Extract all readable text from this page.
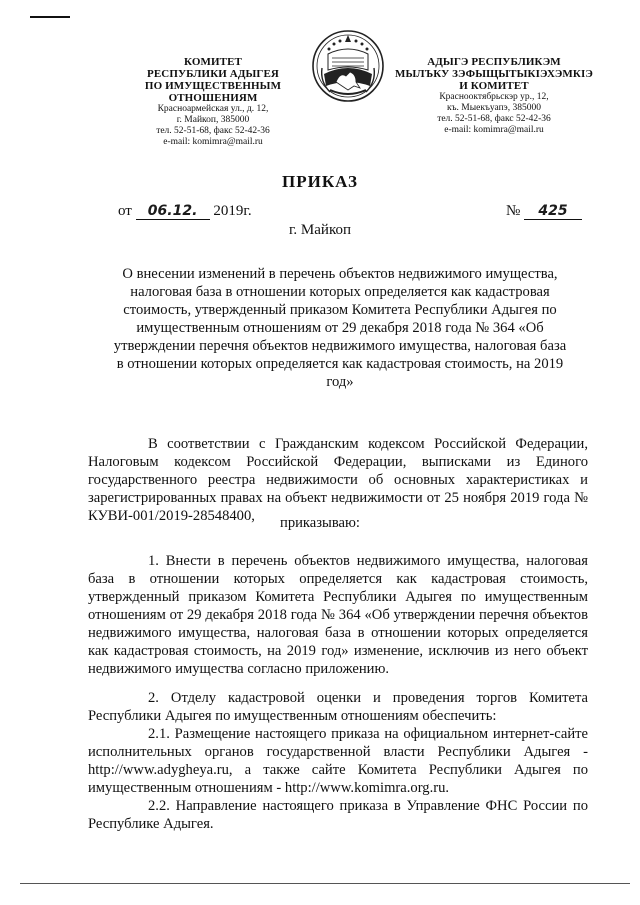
КОМИТЕТ
РЕСПУБЛИКИ АДЫГЕЯ
ПО ИМУЩЕСТВЕННЫМ ОТНОШЕНИЯМ
Красноармейская ул., д. 12,
г. Майкоп, 385000
тел. 52-51-68, факс 52-42-36
e-mail: komimra@mail.ru
АДЫГЭ РЕСПУБЛИКЭМ
МЫЛЪКУ ЗЭФЫЩЫТЫКIЭХЭМКIЭ
И КОМИТЕТ
Краснооктябрьскэр ур., 12,
къ. Мыекъуапэ, 385000
тел. 52-51-68, факс 52-42-36
e-mail: komimra@mail.ru
ПРИКАЗ
от 06.12. 2019г.	№ 425
г. Майкоп
О внесении изменений в перечень объектов недвижимого имущества, налоговая база в отношении которых определяется как кадастровая стоимость, утвержденный приказом Комитета Республики Адыгея по имущественным отношениям от 29 декабря 2018 года № 364 «Об утверждении перечня объектов недвижимого имущества, налоговая база в отношении которых определяется как кадастровая стоимость, на 2019 год»

В соответствии с Гражданским кодексом Российской Федерации, Налоговым кодексом Российской Федерации, выписками из Единого государственного реестра недвижимости об основных характеристиках и зарегистрированных правах на объект недвижимости от 25 ноября 2019 года № КУВИ-001/2019-28548400,	приказываю:

1. Внести в перечень объектов недвижимого имущества, налоговая база в отношении которых определяется как кадастровая стоимость, утвержденный приказом Комитета Республики Адыгея по имущественным отношениям от 29 декабря 2018 года № 364 «Об утверждении перечня объектов недвижимого имущества, налоговая база в отношении которых определяется как кадастровая стоимость, на 2019 год» изменение, исключив из него объект недвижимого имущества согласно приложению.

2. Отделу кадастровой оценки и проведения торгов Комитета Республики Адыгея по имущественным отношениям обеспечить:

2.1. Размещение настоящего приказа на официальном интернет-сайте исполнительных органов государственной власти Республики Адыгея - http://www.adygheya.ru, а также сайте Комитета Республики Адыгея по имущественным отношениям - http://www.komimra.org.ru.

2.2. Направление настоящего приказа в Управление ФНС России по Республике Адыгея.
